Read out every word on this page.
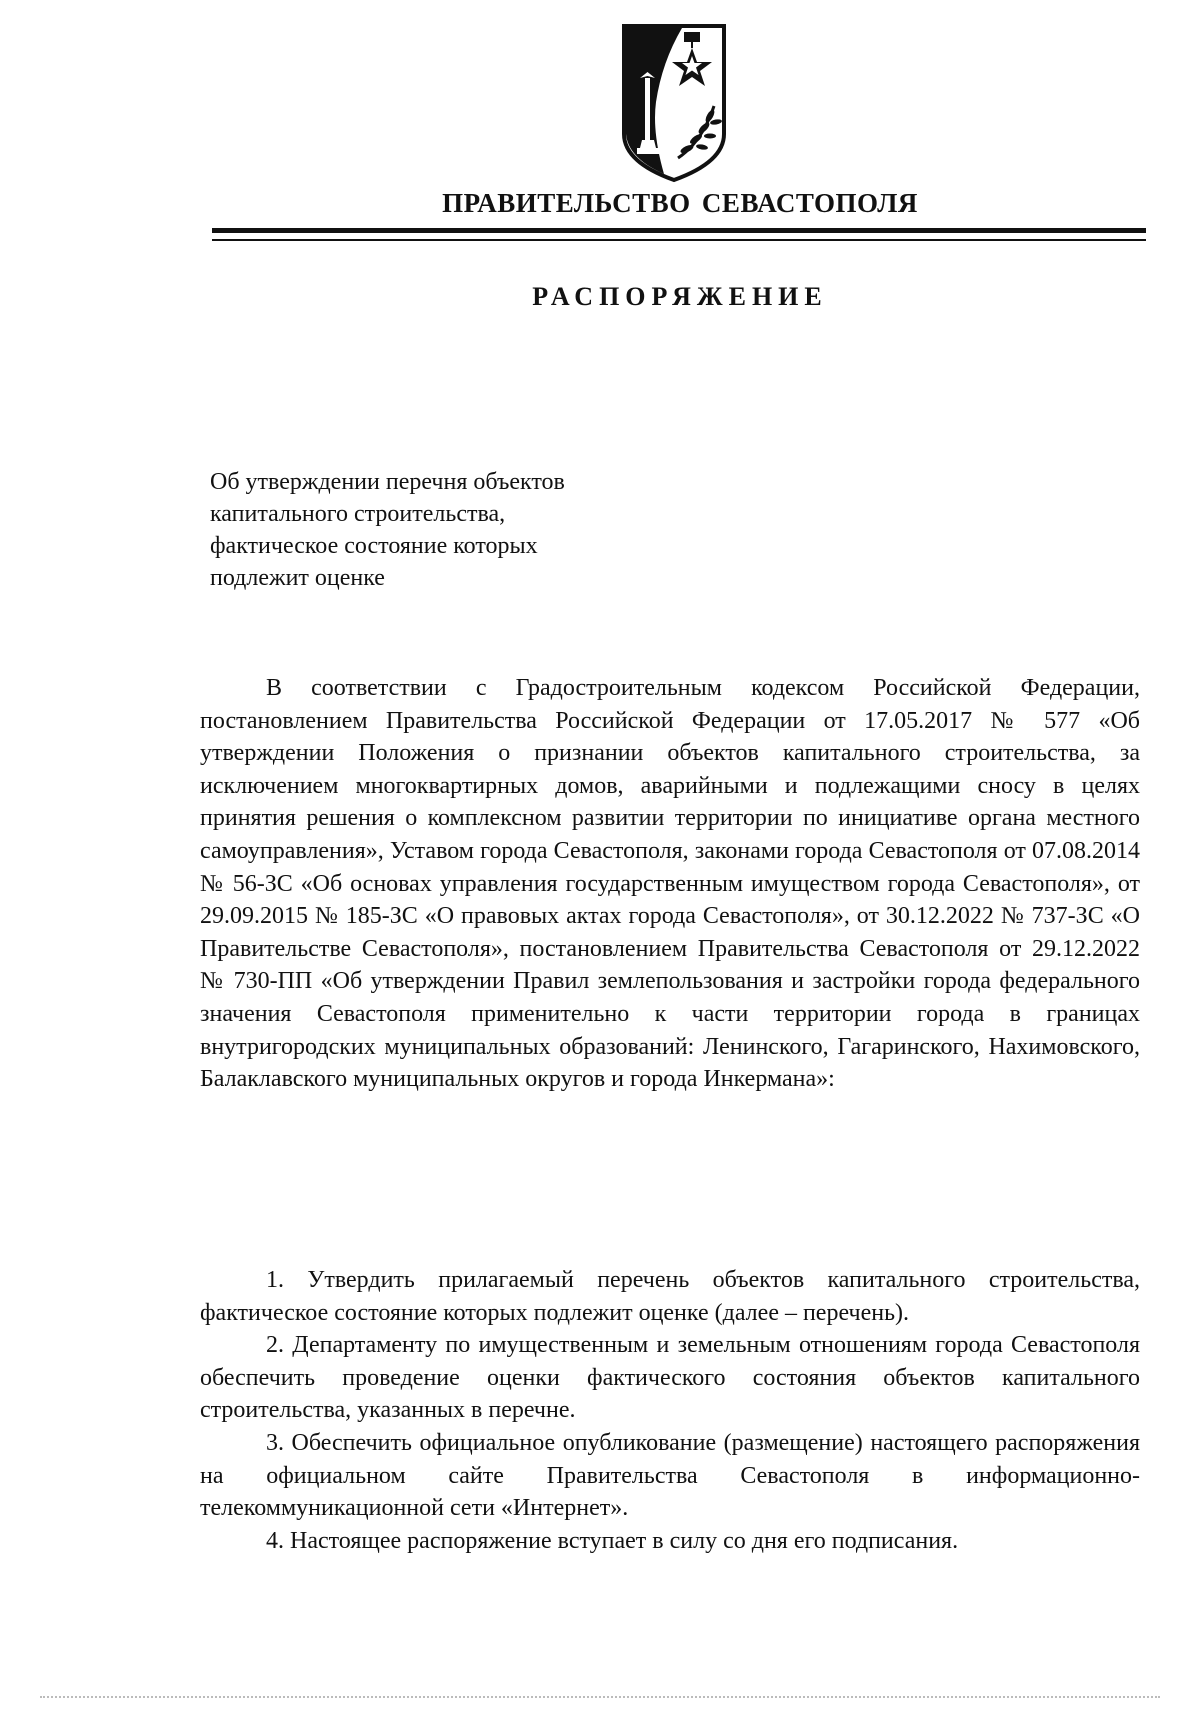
ПРАВИТЕЛЬСТВО СЕВАСТОПОЛЯ
РАСПОРЯЖЕНИЕ
Об утверждении перечня объектов
капитального строительства,
фактическое состояние которых
подлежит оценке

В соответствии с Градостроительным кодексом Российской Федерации, постановлением Правительства Российской Федерации от 17.05.2017 № 577 «Об утверждении Положения о признании объектов капитального строительства, за исключением многоквартирных домов, аварийными и подлежащими сносу в целях принятия решения о комплексном развитии территории по инициативе органа местного самоуправления», Уставом города Севастополя, законами города Севастополя от 07.08.2014 № 56-ЗС «Об основах управления государственным имуществом города Севастополя», от 29.09.2015 № 185-ЗС «О правовых актах города Севастополя», от 30.12.2022 № 737-ЗС «О Правительстве Севастополя», постановлением Правительства Севастополя от 29.12.2022 № 730-ПП «Об утверждении Правил землепользования и застройки города федерального значения Севастополя применительно к части территории города в границах внутригородских муниципальных образований: Ленинского, Гагаринского, Нахимовского, Балаклавского муниципальных округов и города Инкермана»:

1. Утвердить прилагаемый перечень объектов капитального строительства, фактическое состояние которых подлежит оценке (далее – перечень).

2. Департаменту по имущественным и земельным отношениям города Севастополя обеспечить проведение оценки фактического состояния объектов капитального строительства, указанных в перечне.

3. Обеспечить официальное опубликование (размещение) настоящего распоряжения на официальном сайте Правительства Севастополя в информационно-телекоммуникационной сети «Интернет».

4. Настоящее распоряжение вступает в силу со дня его подписания.
